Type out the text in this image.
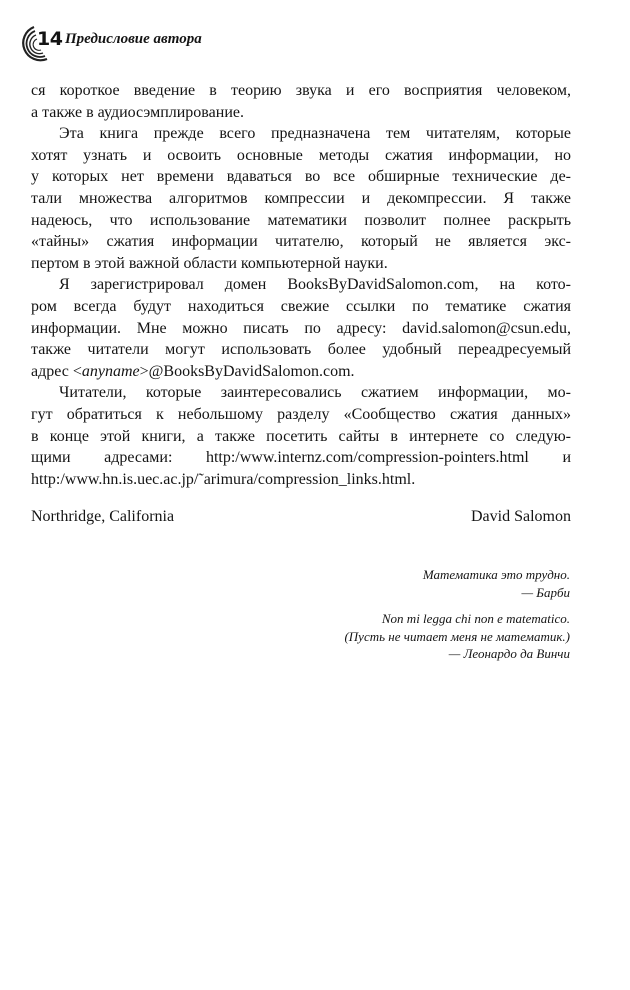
14 Предисловие автора

ся короткое введение в теорию звука и его восприятия человеком,
а также в аудиосэмплирование.

Эта книга прежде всего предназначена тем читателям, которые
хотят узнать и освоить основные методы сжатия информации, но
у которых нет времени вдаваться во все обширные технические де-
тали множества алгоритмов компрессии и декомпрессии. Я также
надеюсь, что использование математики позволит полнее раскрыть
«тайны» сжатия информации читателю, который не является экс-
пертом в этой важной области компьютерной науки.

Я зарегистрировал домен BooksByDavidSalomon.com, на кото-
ром всегда будут находиться свежие ссылки по тематике сжатия
информации. Мне можно писать по адресу: david.salomon@csun.edu,
также читатели могут использовать более удобный переадресуемый
адрес <anyname>@BooksByDavidSalomon.com.

Читатели, которые заинтересовались сжатием информации, мо-
гут обратиться к небольшому разделу «Сообщество сжатия данных»
в конце этой книги, а также посетить сайты в интернете со следую-
щими адресами: http:/www.internz.com/compression-pointers.html и
http:/www.hn.is.uec.ac.jp/˜arimura/compression_links.html.

Northridge, California	David Salomon
Математика это трудно.
— Барби
Non mi legga chi non e matematico.
(Пусть не читает меня не математик.)
— Леонардо да Винчи
